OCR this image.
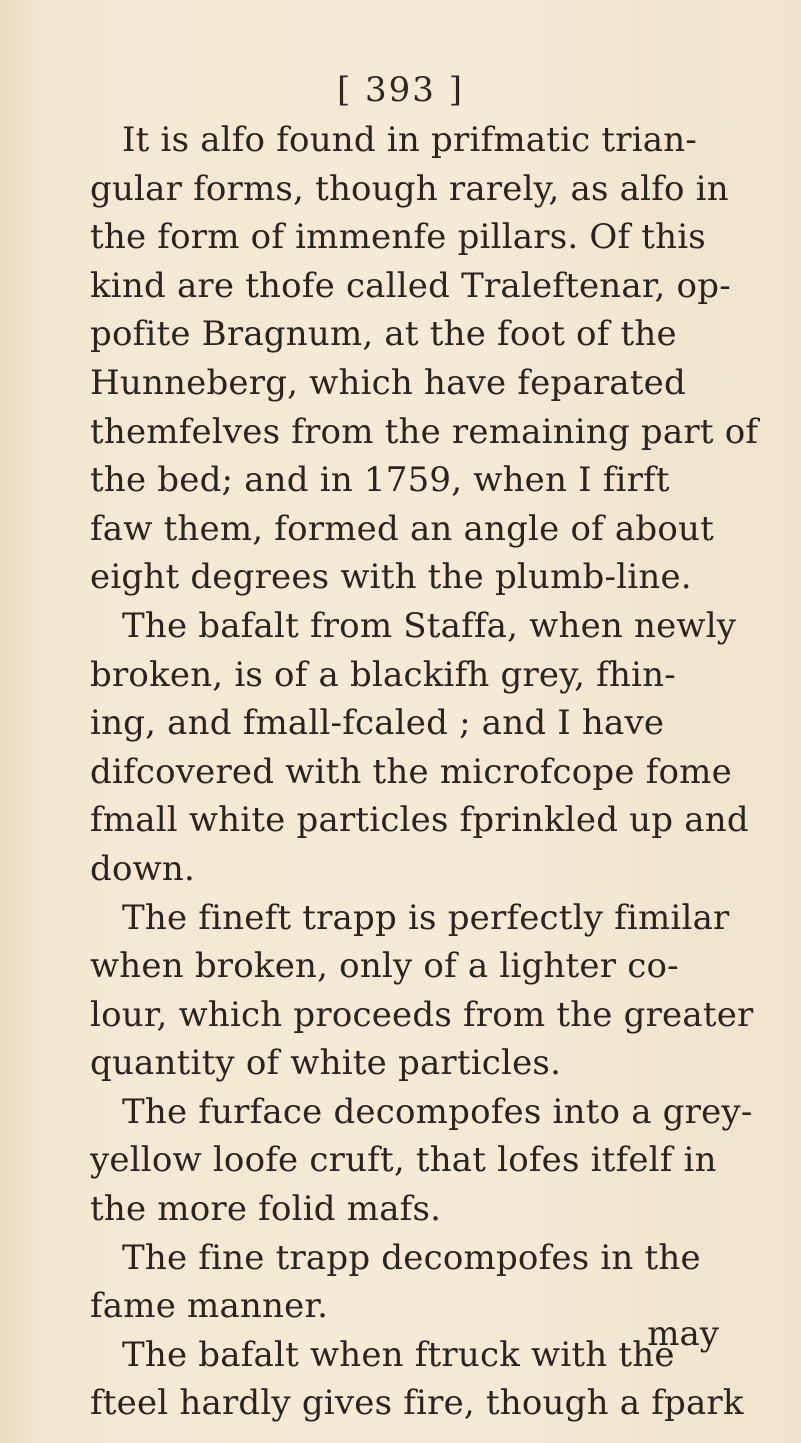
[ 393 ]
It is alfo found in prifmatic trian-
gular forms, though rarely, as alfo in
the form of immenfe pillars. Of this
kind are thofe called Traleftenar, op-
pofite Bragnum, at the foot of the
Hunneberg, which have feparated
themfelves from the remaining part of
the bed; and in 1759, when I firft
faw them, formed an angle of about
eight degrees with the plumb-line.
The bafalt from Staffa, when newly
broken, is of a blackifh grey, fhin-
ing, and fmall-fcaled ; and I have
difcovered with the microfcope fome
fmall white particles fprinkled up and
down.
The fineft trapp is perfectly fimilar
when broken, only of a lighter co-
lour, which proceeds from the greater
quantity of white particles.
The furface decompofes into a grey-
yellow loofe cruft, that lofes itfelf in
the more folid mafs.
The fine trapp decompofes in the
fame manner.
The bafalt when ftruck with the
fteel hardly gives fire, though a fpark
may
